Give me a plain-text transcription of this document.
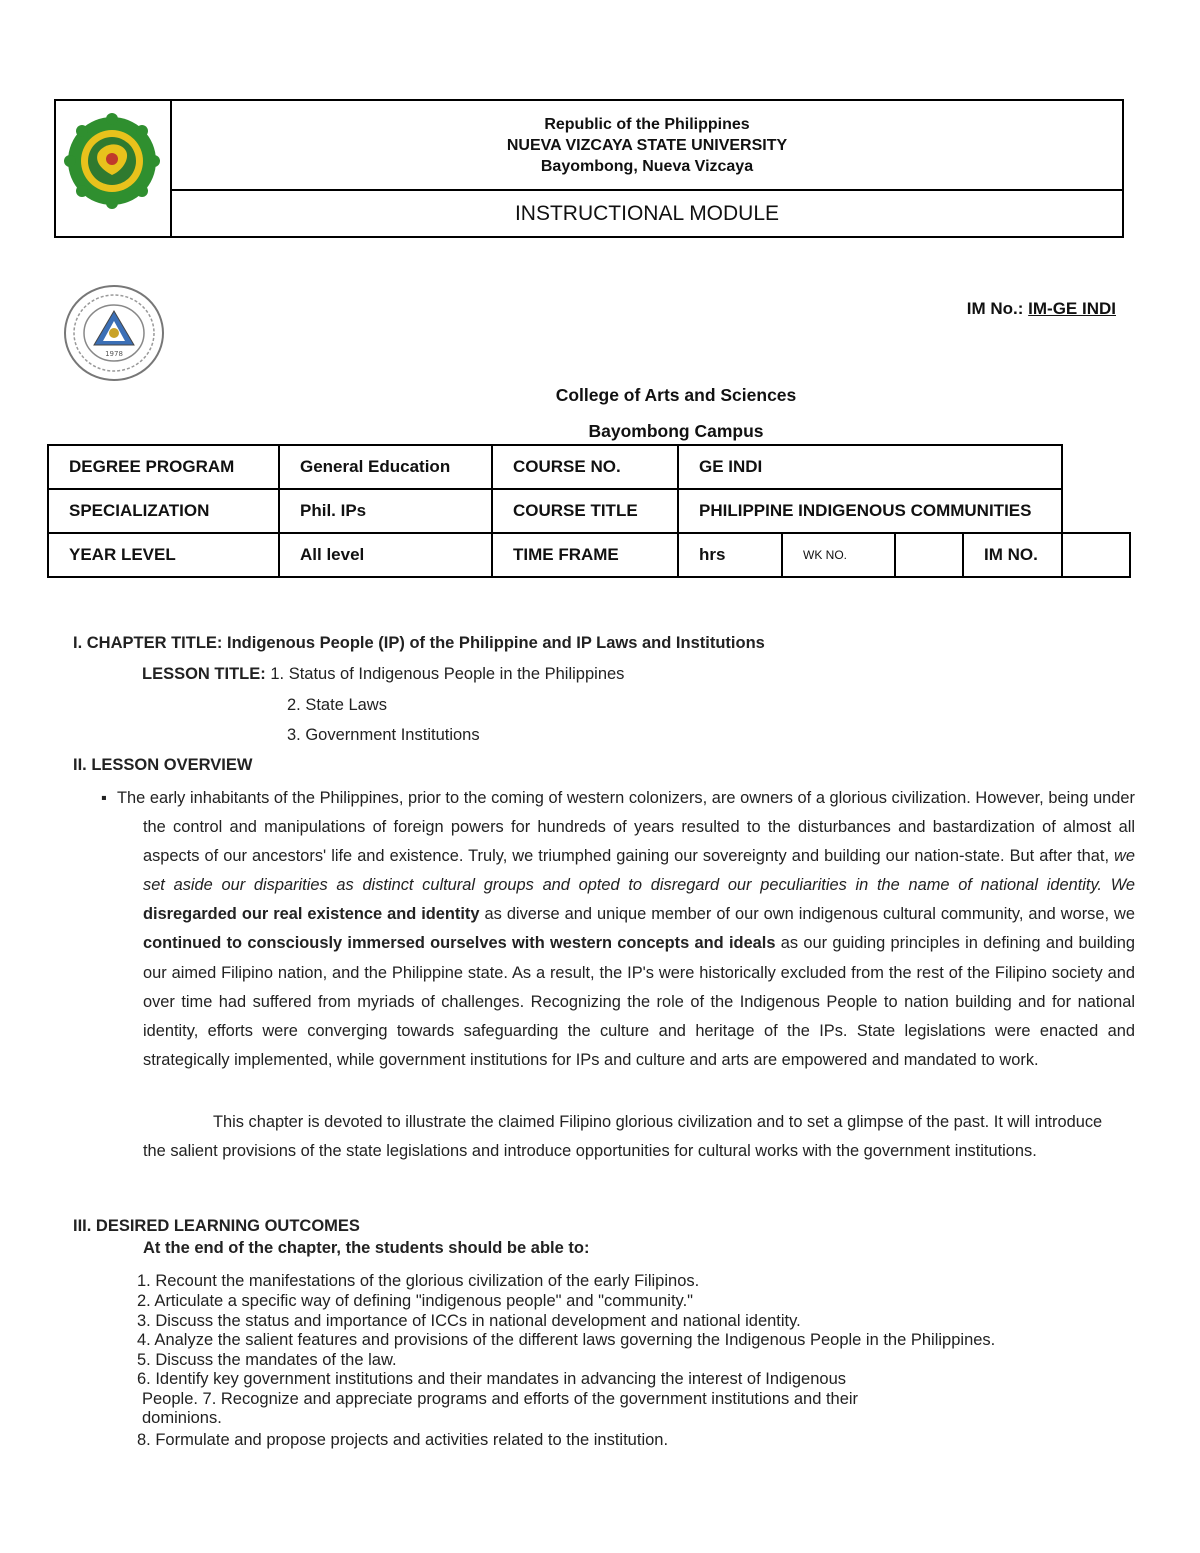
Republic of the Philippines
NUEVA VIZCAYA STATE UNIVERSITY
Bayombong, Nueva Vizcaya
INSTRUCTIONAL MODULE
1978
IM No.: IM-GE INDI
College of Arts and Sciences
Bayombong Campus
DEGREE PROGRAM	General Education	COURSE NO.	GE INDI				
SPECIALIZATION	Phil. IPs	COURSE TITLE	PHILIPPINE INDIGENOUS COMMUNITIES				
YEAR LEVEL	All level	TIME FRAME	hrs	WK NO.		IM NO.	
I. CHAPTER TITLE: Indigenous People (IP) of the Philippine and IP Laws and Institutions
LESSON TITLE: 1. Status of Indigenous People in the Philippines
2. State Laws
3. Government Institutions
II. LESSON OVERVIEW
▪ The early inhabitants of the Philippines, prior to the coming of western colonizers, are owners of a glorious civilization. However, being under the control and manipulations of foreign powers for hundreds of years resulted to the disturbances and bastardization of almost all aspects of our ancestors' life and existence. Truly, we triumphed gaining our sovereignty and building our nation-state. But after that, we set aside our disparities as distinct cultural groups and opted to disregard our peculiarities in the name of national identity. We disregarded our real existence and identity as diverse and unique member of our own indigenous cultural community, and worse, we continued to consciously immersed ourselves with western concepts and ideals as our guiding principles in defining and building our aimed Filipino nation, and the Philippine state. As a result, the IP's were historically excluded from the rest of the Filipino society and over time had suffered from myriads of challenges. Recognizing the role of the Indigenous People to nation building and for national identity, efforts were converging towards safeguarding the culture and heritage of the IPs. State legislations were enacted and strategically implemented, while government institutions for IPs and culture and arts are empowered and mandated to work.
This chapter is devoted to illustrate the claimed Filipino glorious civilization and to set a glimpse of the past. It will introduce the salient provisions of the state legislations and introduce opportunities for cultural works with the government institutions.
III. DESIRED LEARNING OUTCOMES
At the end of the chapter, the students should be able to:
1. Recount the manifestations of the glorious civilization of the early Filipinos.
2. Articulate a specific way of defining "indigenous people" and "community."
3. Discuss the status and importance of ICCs in national development and national identity.
4. Analyze the salient features and provisions of the different laws governing the Indigenous People in the Philippines.
5. Discuss the mandates of the law.
6. Identify key government institutions and their mandates in advancing the interest of Indigenous
People. 7. Recognize and appreciate programs and efforts of the government institutions and their
dominions.
8. Formulate and propose projects and activities related to the institution.
